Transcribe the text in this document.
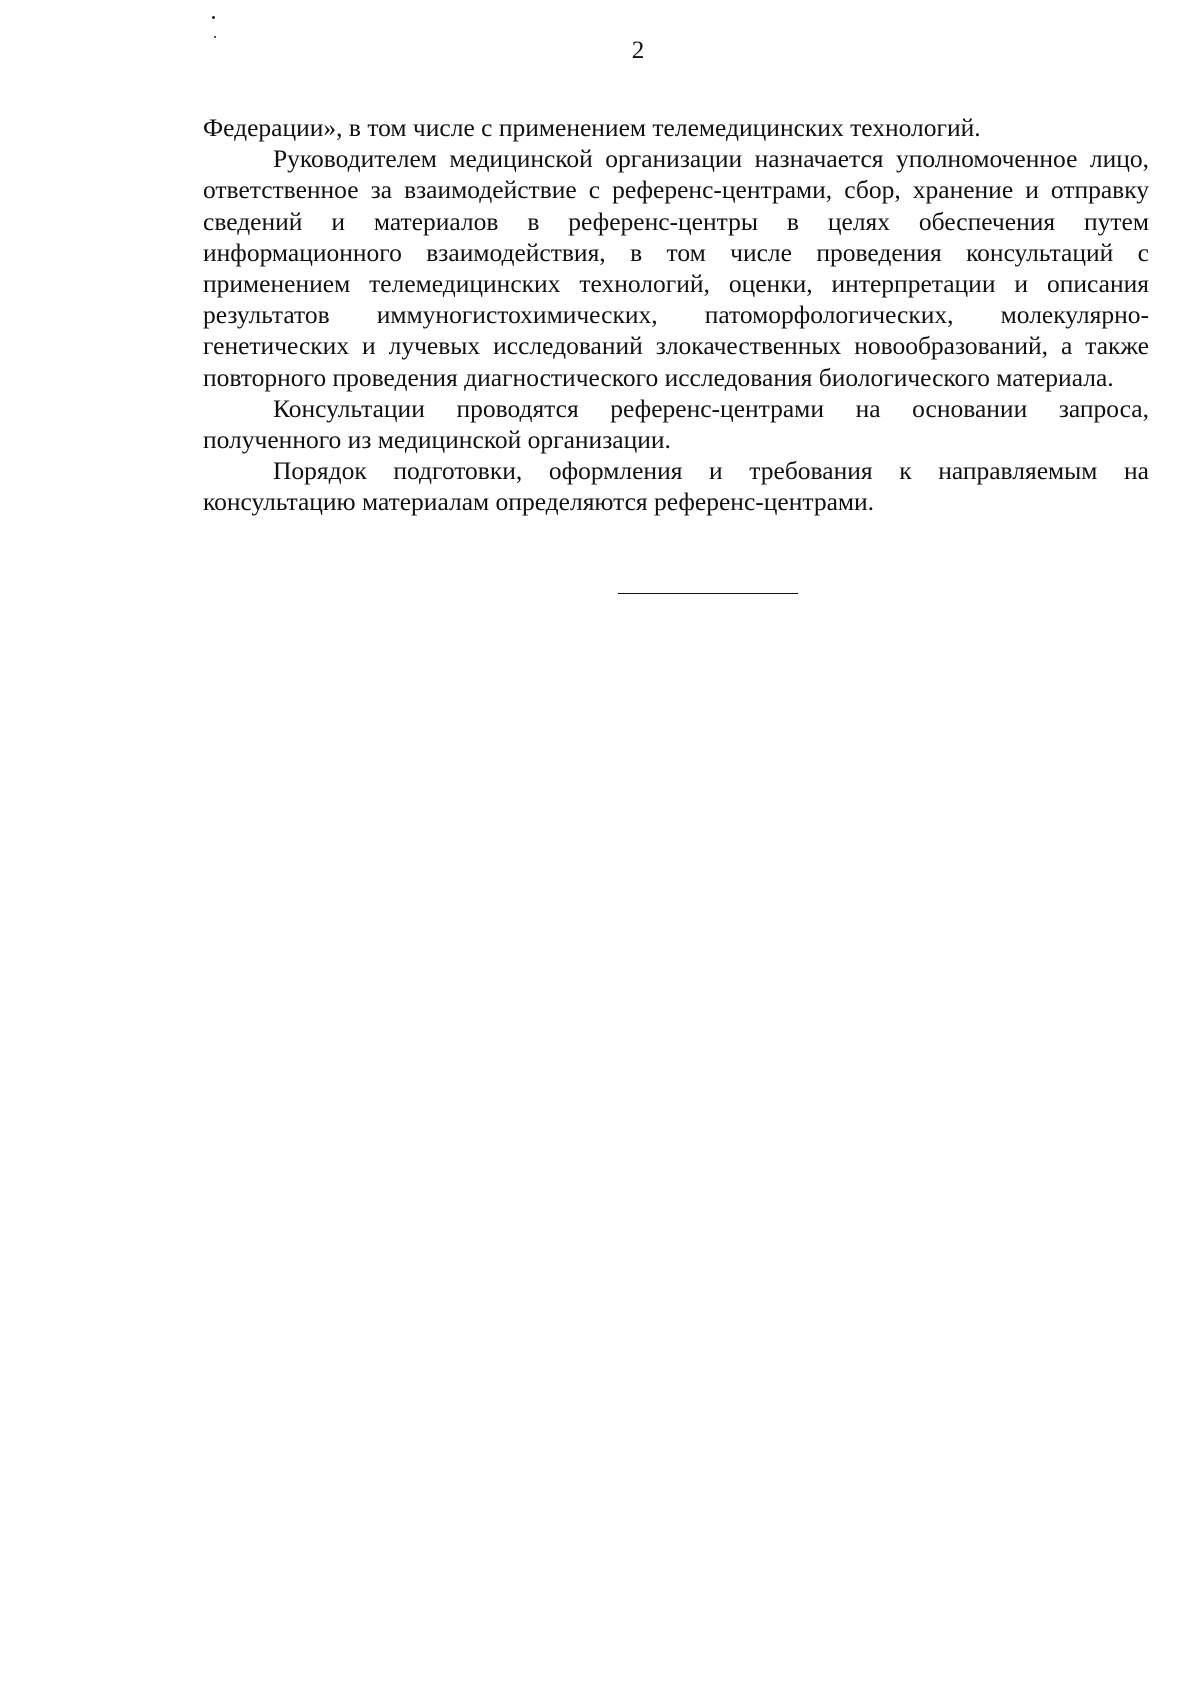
2

Федерации», в том числе с применением телемедицинских технологий.

Руководителем медицинской организации назначается уполномоченное лицо, ответственное за взаимодействие с референс-центрами, сбор, хранение и отправку сведений и материалов в референс-центры в целях обеспечения путем информационного взаимодействия, в том числе проведения консультаций с применением телемедицинских технологий, оценки, интерпретации и описания результатов иммуногистохимических, патоморфологических, молекулярно-генетических и лучевых исследований злокачественных новообразований, а также повторного проведения диагностического исследования биологического материала.

Консультации проводятся референс-центрами на основании запроса, полученного из медицинской организации.

Порядок подготовки, оформления и требования к направляемым на консультацию материалам определяются референс-центрами.
